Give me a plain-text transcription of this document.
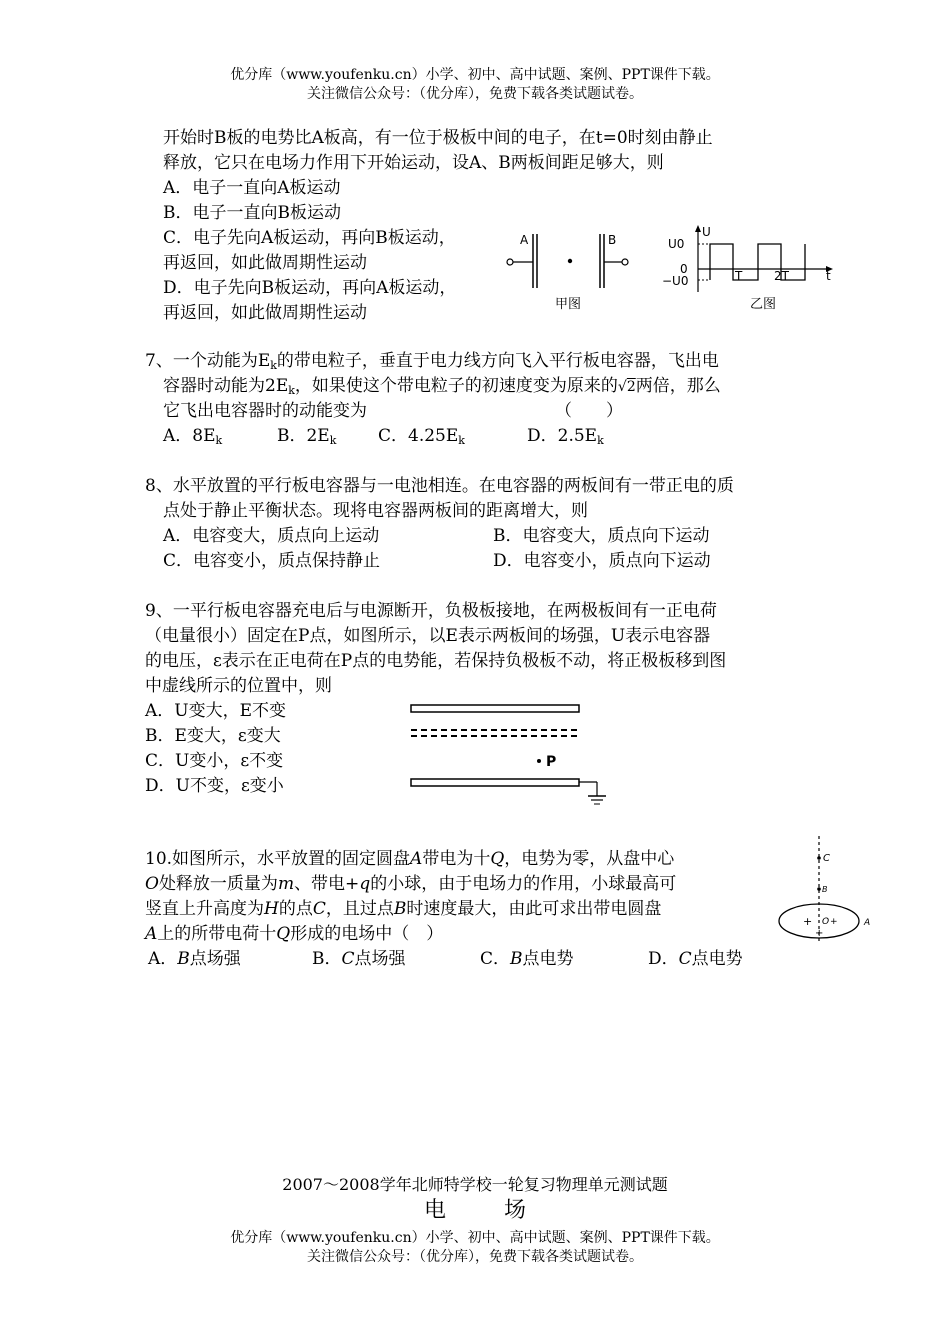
优分库（www.youfenku.cn）小学、初中、高中试题、案例、PPT课件下载。
关注微信公众号：（优分库），免费下载各类试题试卷。
开始时B板的电势比A板高，有一位于极板中间的电子，在t=0时刻由静止
释放，它只在电场力作用下开始运动，设A、B两板间距足够大，则
A．电子一直向A板运动
B．电子一直向B板运动
C．电子先向A板运动，再向B板运动，
再返回，如此做周期性运动
D．电子先向B板运动，再向A板运动，
再返回，如此做周期性运动
A	B
甲图
U
U0
0
−U0	T	2T	t
乙图
7、一个动能为$E_k$的带电粒子，垂直于电力线方向飞入平行板电容器，飞出电
容器时动能为$2E_k$，如果使这个带电粒子的初速度变为原来的√2两倍，那么
它飞出电容器时的动能变为	（　　）
A．$8E_k$	B．$2E_k$ C．$4.25E_k$	D．$2.5E_k$
8、水平放置的平行板电容器与一电池相连。在电容器的两板间有一带正电的质
点处于静止平衡状态。现将电容器两板间的距离增大，则
A．电容变大，质点向上运动	B．电容变大，质点向下运动
C．电容变小，质点保持静止	D．电容变小，质点向下运动
9、一平行板电容器充电后与电源断开，负极板接地，在两极板间有一正电荷
（电量很小）固定在P点，如图所示，以E表示两板间的场强，U表示电容器
的电压，ε表示在正电荷在P点的电势能，若保持负极板不动，将正极板移到图
中虚线所示的位置中，则
A．U变大，E不变
B．E变大，ε变大
C．U变小，ε不变
D．U不变，ε变小
P
10.如图所示，水平放置的固定圆盘A带电为十Q，电势为零，从盘中心
O处释放一质量为m、带电+q的小球，由于电场力的作用，小球最高可
竖直上升高度为H的点C，且过点B时速度最大，由此可求出带电圆盘
A上的所带电荷十Q形成的电场中（　）
A．B点场强	B．C点场强	C．B点电势	D．C点电势
C
B
+ O +
+
A
2007～2008学年北师特学校一轮复习物理单元测试题
电	场
优分库（www.youfenku.cn）小学、初中、高中试题、案例、PPT课件下载。
关注微信公众号：（优分库），免费下载各类试题试卷。
